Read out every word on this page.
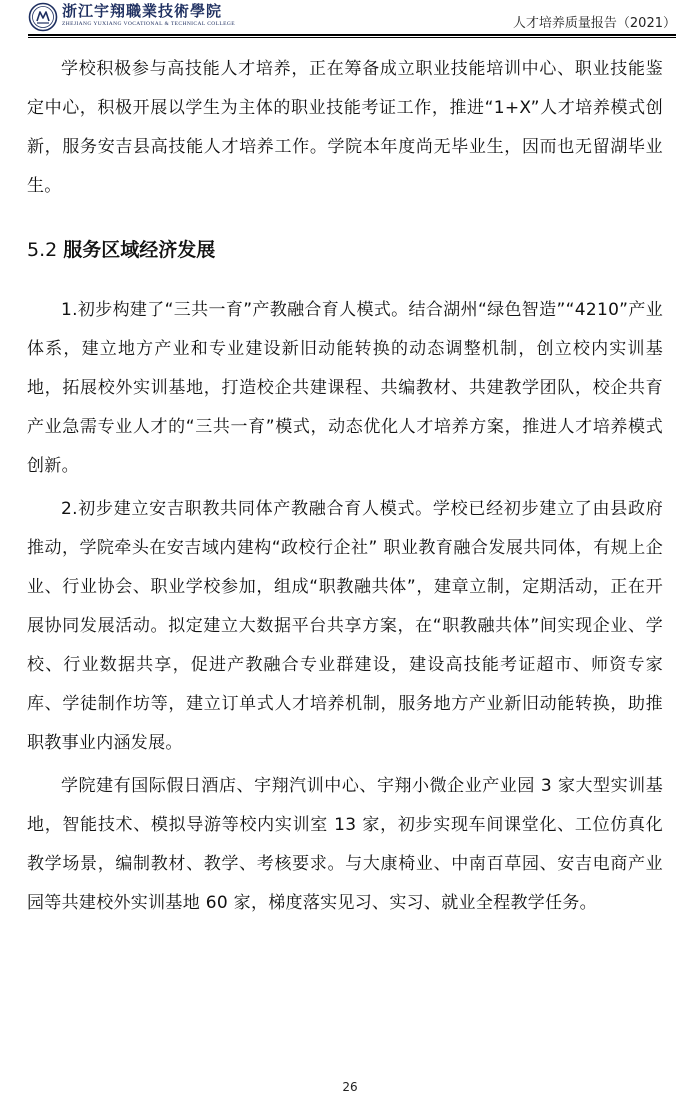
浙江宇翔職業技術學院
ZHEJIANG YUXIANG VOCATIONAL & TECHNICAL COLLEGE	人才培养质量报告（2021）

学校积极参与高技能人才培养，正在筹备成立职业技能培训中心、职业技能鉴定中心，积极开展以学生为主体的职业技能考证工作，推进“1+X”人才培养模式创新，服务安吉县高技能人才培养工作。学院本年度尚无毕业生，因而也无留湖毕业生。

5.2 服务区域经济发展

1.初步构建了“三共一育”产教融合育人模式。结合湖州“绿色智造”“4210”产业体系，建立地方产业和专业建设新旧动能转换的动态调整机制，创立校内实训基地，拓展校外实训基地，打造校企共建课程、共编教材、共建教学团队，校企共育产业急需专业人才的“三共一育”模式，动态优化人才培养方案，推进人才培养模式创新。

2.初步建立安吉职教共同体产教融合育人模式。学校已经初步建立了由县政府推动，学院牵头在安吉域内建构“政校行企社” 职业教育融合发展共同体，有规上企业、行业协会、职业学校参加，组成“职教融共体”，建章立制，定期活动，正在开展协同发展活动。拟定建立大数据平台共享方案，在“职教融共体”间实现企业、学校、行业数据共享，促进产教融合专业群建设，建设高技能考证超市、师资专家库、学徒制作坊等，建立订单式人才培养机制，服务地方产业新旧动能转换，助推职教事业内涵发展。

学院建有国际假日酒店、宇翔汽训中心、宇翔小微企业产业园 3 家大型实训基地，智能技术、模拟导游等校内实训室 13 家，初步实现车间课堂化、工位仿真化教学场景，编制教材、教学、考核要求。与大康椅业、中南百草园、安吉电商产业园等共建校外实训基地 60 家，梯度落实见习、实习、就业全程教学任务。

26
